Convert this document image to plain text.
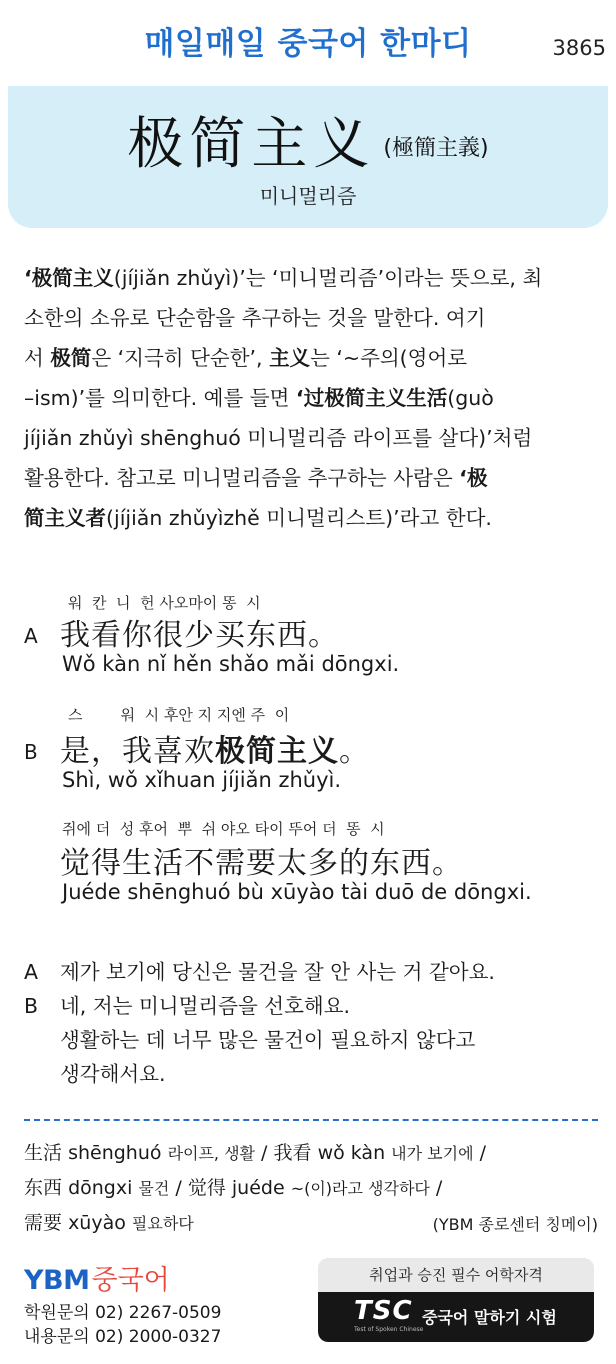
매일매일 중국어 한마디	3865
极简主义 (極簡主義)
미니멀리즘

‘极简主义(jíjiǎn zhǔyì)’는 ‘미니멀리즘’이라는 뜻으로, 최

소한의 소유로 단순함을 추구하는 것을 말한다. 여기

서 极简은 ‘지극히 단순한’, 主义는 ‘~주의(영어로

–ism)’를 의미한다. 예를 들면 ‘过极简主义生活(guò

jíjiǎn zhǔyì shēnghuó 미니멀리즘 라이프를 살다)’처럼

활용한다. 참고로 미니멀리즘을 추구하는 사람은 ‘极

简主义者(jíjiǎn zhǔyìzhě 미니멀리스트)’라고 한다.

워  칸  니  헌 사오마이 똥  시
A 我看你很少买东西。
Wǒ kàn nǐ hěn shǎo mǎi dōngxi.
스        워  시 후안 지 지엔 주  이
B 是，我喜欢极简主义。
Shì, wǒ xǐhuan jíjiǎn zhǔyì.
쥐에 더  성 후어  뿌  쉬 야오 타이 뚜어 더  똥  시
觉得生活不需要太多的东西。
Juéde shēnghuó bù xūyào tài duō de dōngxi.
A 제가 보기에 당신은 물건을 잘 안 사는 거 같아요.
B 네, 저는 미니멀리즘을 선호해요.
생활하는 데 너무 많은 물건이 필요하지 않다고
생각해서요.
生活 shēnghuó 라이프, 생활 / 我看 wǒ kàn 내가 보기에 /
东西 dōngxi 물건 / 觉得 juéde ~(이)라고 생각하다 /
需要 xūyào 필요하다	(YBM 종로센터 칭메이)
YBM중국어
학원문의 02) 2267-0509
내용문의 02) 2000-0327
취업과 승진 필수 어학자격
TSC
Test of Spoken Chinese
중국어 말하기 시험
